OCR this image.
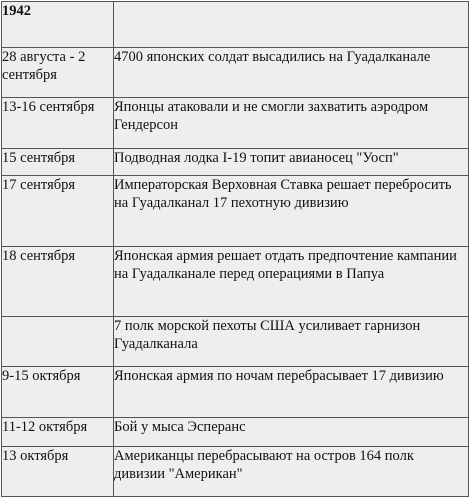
1942	
28 августа - 2 сентября	4700 японских солдат высадились на Гуадалканале
13-16 сентября	Японцы атаковали и не смогли захватить аэродром Гендерсон
15 сентября	Подводная лодка I-19 топит авианосец "Уосп"
17 сентября	Императорская Верховная Ставка решает перебросить на Гуадалканал 17 пехотную дивизию
18 сентября	Японская армия решает отдать предпочтение кампании на Гуадалканале перед операциями в Папуа
	7 полк морской пехоты США усиливает гарнизон Гуадалканала
9-15 октября	Японская армия по ночам перебрасывает 17 дивизию
11-12 октября	Бой у мыса Эсперанс
13 октября	Американцы перебрасывают на остров 164 полк дивизии "Американ"
